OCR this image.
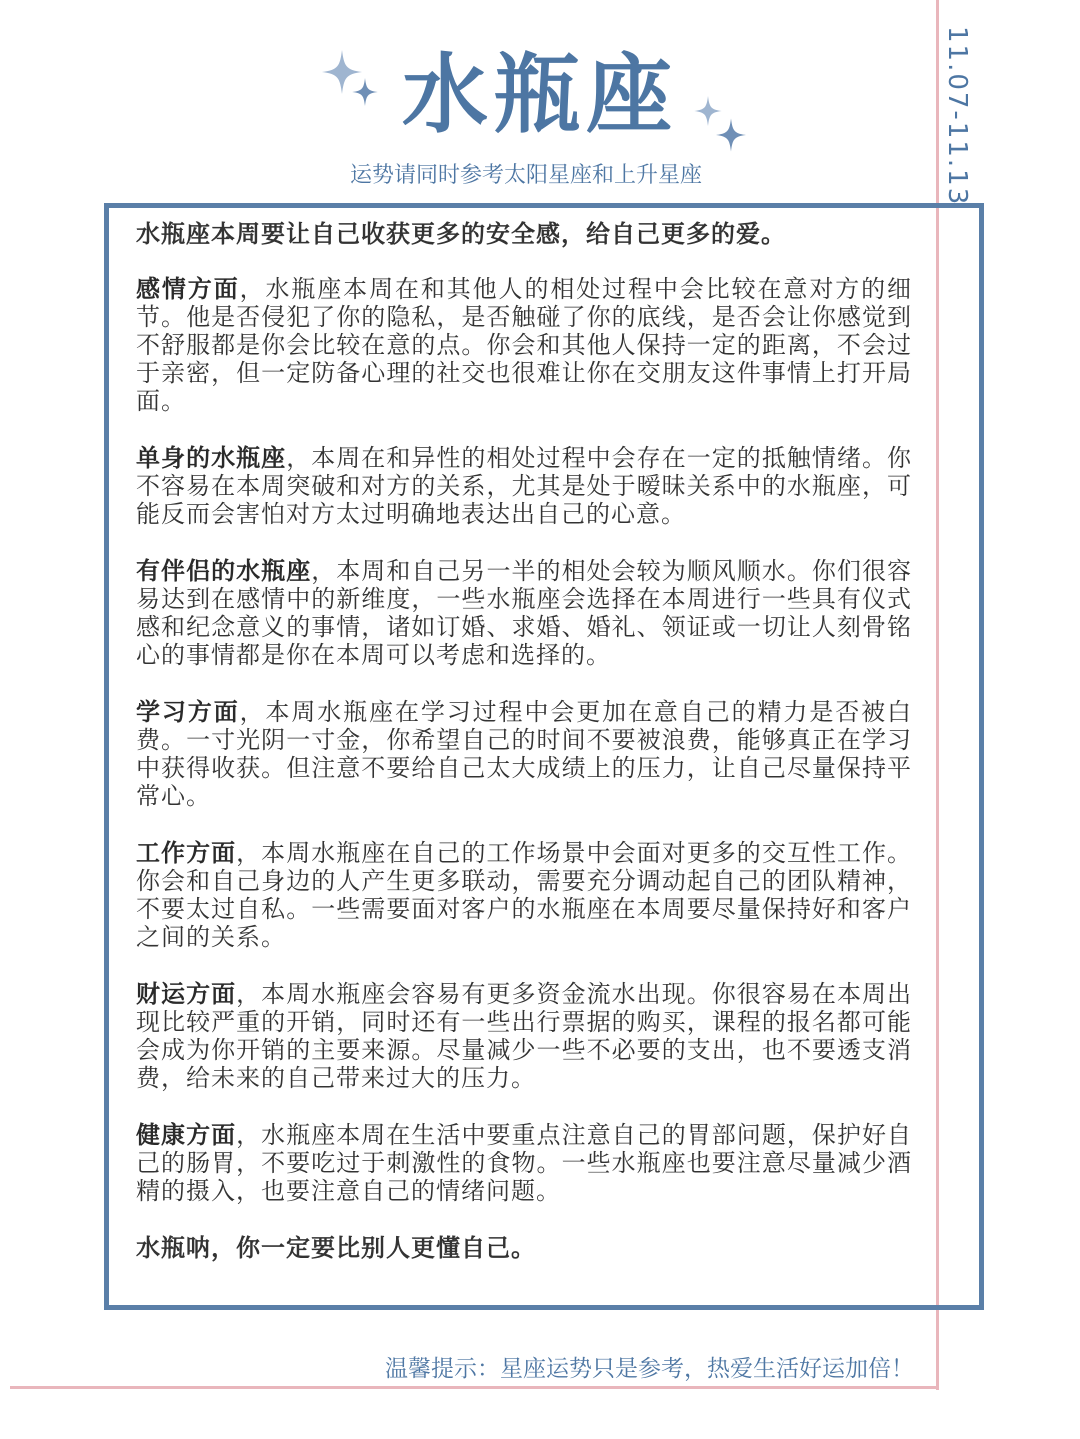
水瓶座
运势请同时参考太阳星座和上升星座	11.07-11.13

水瓶座本周要让自己收获更多的安全感，给自己更多的爱。

感情方面，水瓶座本周在和其他人的相处过程中会比较在意对方的细节。他是否侵犯了你的隐私，是否触碰了你的底线，是否会让你感觉到不舒服都是你会比较在意的点。你会和其他人保持一定的距离，不会过于亲密，但一定防备心理的社交也很难让你在交朋友这件事情上打开局面。

单身的水瓶座，本周在和异性的相处过程中会存在一定的抵触情绪。你不容易在本周突破和对方的关系，尤其是处于暧昧关系中的水瓶座，可能反而会害怕对方太过明确地表达出自己的心意。

有伴侣的水瓶座，本周和自己另一半的相处会较为顺风顺水。你们很容易达到在感情中的新维度，一些水瓶座会选择在本周进行一些具有仪式感和纪念意义的事情，诸如订婚、求婚、婚礼、领证或一切让人刻骨铭心的事情都是你在本周可以考虑和选择的。

学习方面，本周水瓶座在学习过程中会更加在意自己的精力是否被白费。一寸光阴一寸金，你希望自己的时间不要被浪费，能够真正在学习中获得收获。但注意不要给自己太大成绩上的压力，让自己尽量保持平常心。

工作方面，本周水瓶座在自己的工作场景中会面对更多的交互性工作。你会和自己身边的人产生更多联动，需要充分调动起自己的团队精神，不要太过自私。一些需要面对客户的水瓶座在本周要尽量保持好和客户之间的关系。

财运方面，本周水瓶座会容易有更多资金流水出现。你很容易在本周出现比较严重的开销，同时还有一些出行票据的购买，课程的报名都可能会成为你开销的主要来源。尽量减少一些不必要的支出，也不要透支消费，给未来的自己带来过大的压力。

健康方面，水瓶座本周在生活中要重点注意自己的胃部问题，保护好自己的肠胃，不要吃过于刺激性的食物。一些水瓶座也要注意尽量减少酒精的摄入，也要注意自己的情绪问题。

水瓶呐，你一定要比别人更懂自己。

温馨提示：星座运势只是参考，热爱生活好运加倍！
